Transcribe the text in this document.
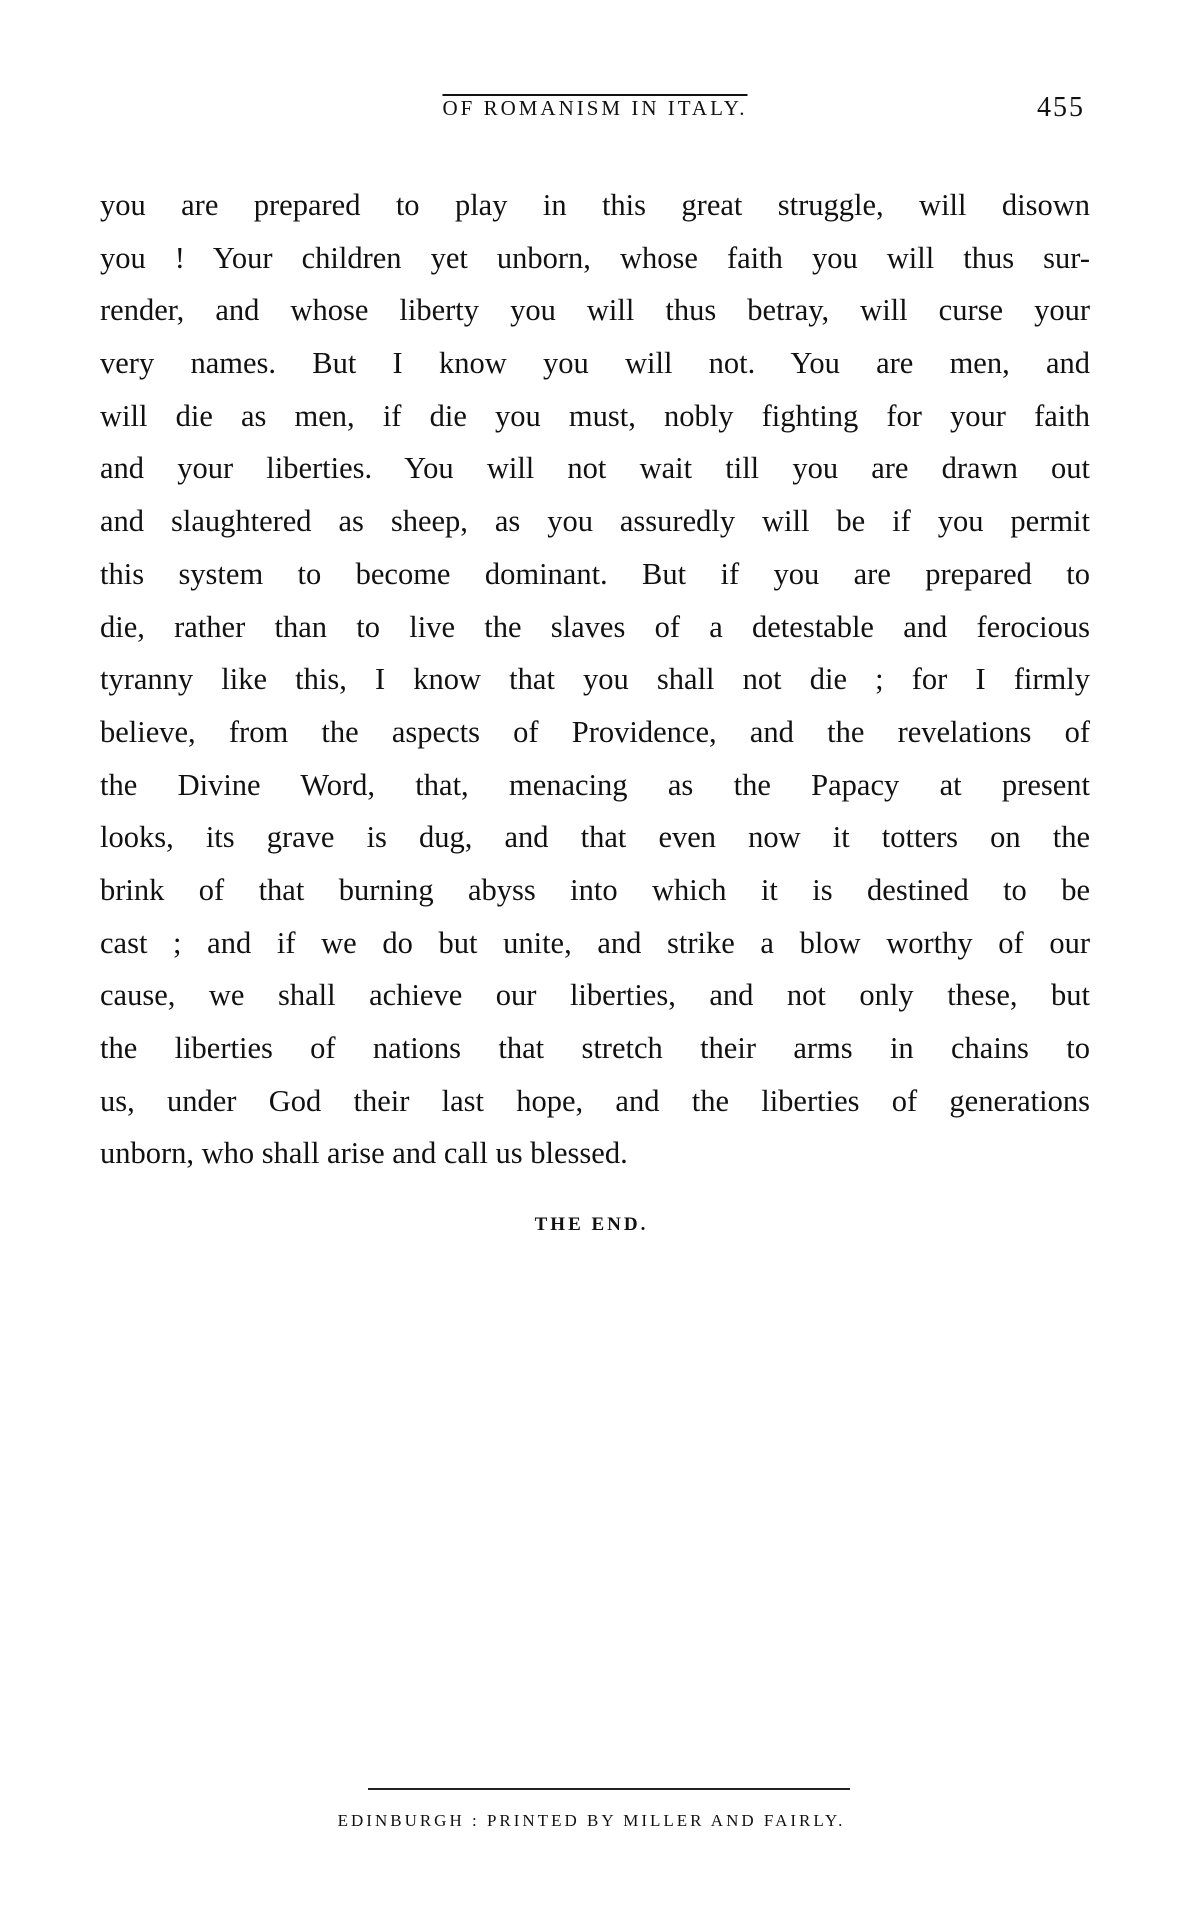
OF ROMANISM IN ITALY.	455
you are prepared to play in this great struggle, will disown
you ! Your children yet unborn, whose faith you will thus sur-
render, and whose liberty you will thus betray, will curse your
very names. But I know you will not. You are men, and
will die as men, if die you must, nobly fighting for your faith
and your liberties. You will not wait till you are drawn out
and slaughtered as sheep, as you assuredly will be if you permit
this system to become dominant. But if you are prepared to
die, rather than to live the slaves of a detestable and ferocious
tyranny like this, I know that you shall not die ; for I firmly
believe, from the aspects of Providence, and the revelations of
the Divine Word, that, menacing as the Papacy at present
looks, its grave is dug, and that even now it totters on the
brink of that burning abyss into which it is destined to be
cast ; and if we do but unite, and strike a blow worthy of our
cause, we shall achieve our liberties, and not only these, but
the liberties of nations that stretch their arms in chains to
us, under God their last hope, and the liberties of generations
unborn, who shall arise and call us blessed.
THE END.
EDINBURGH : PRINTED BY MILLER AND FAIRLY.
